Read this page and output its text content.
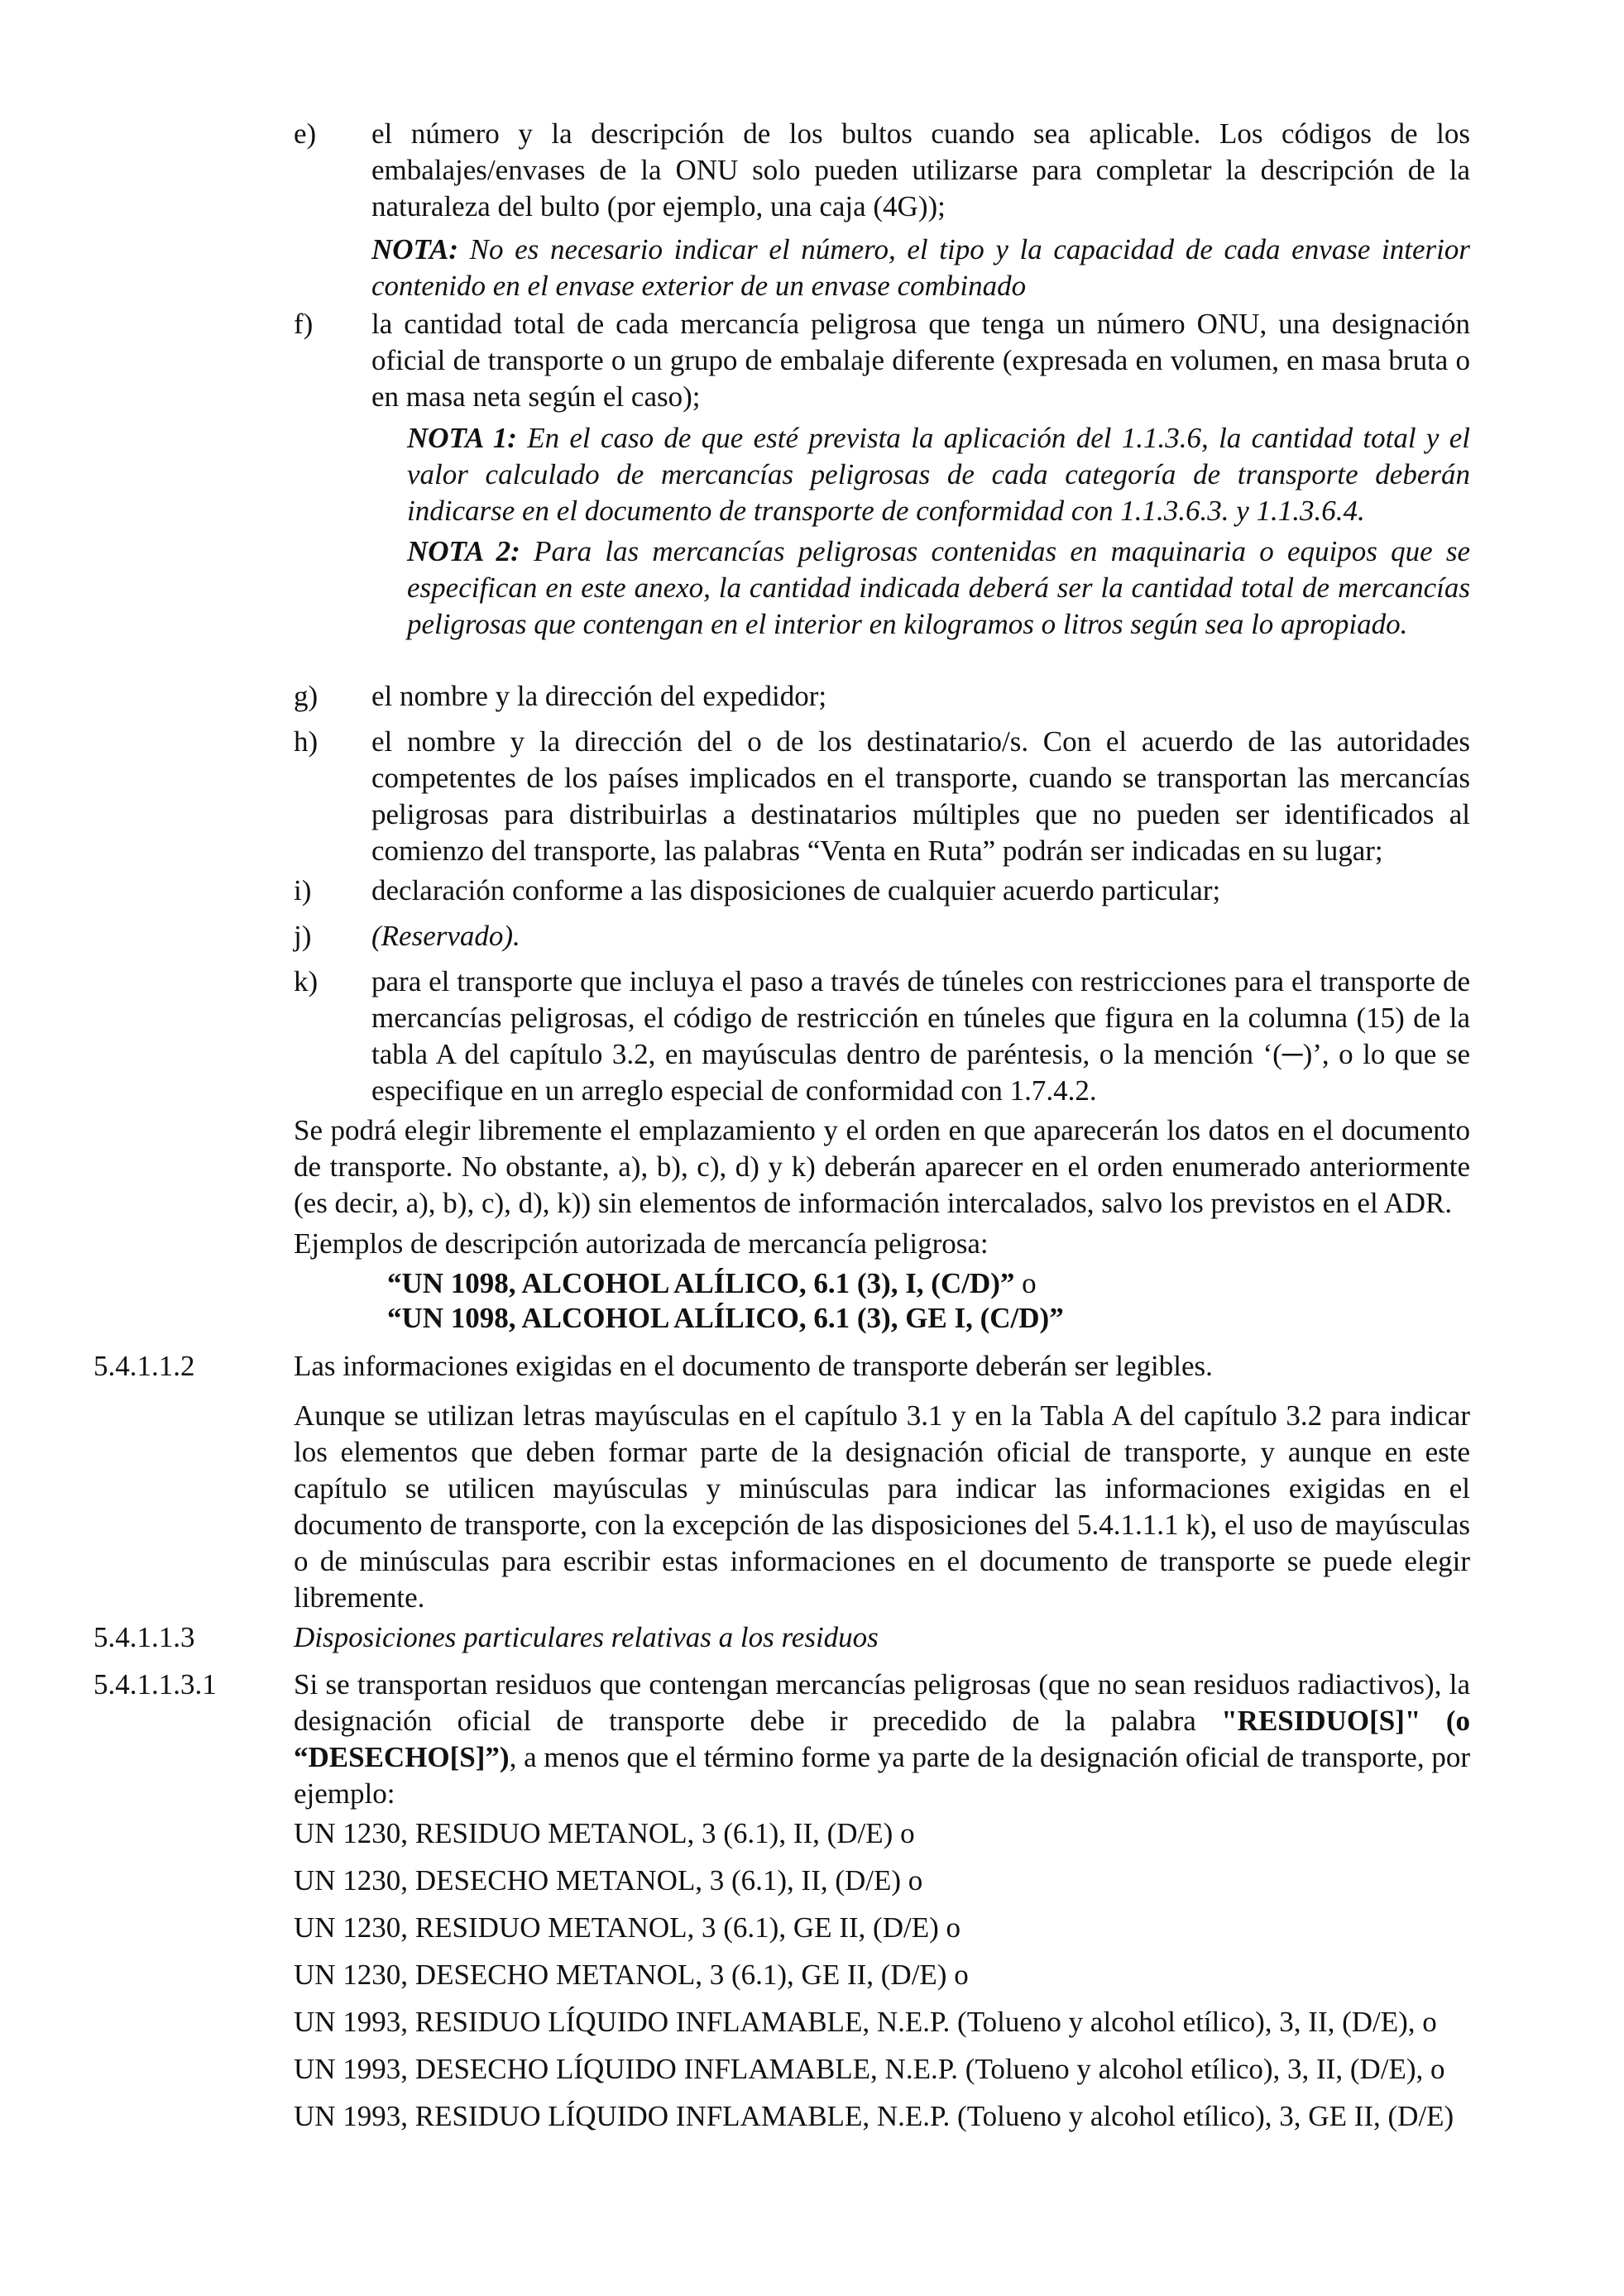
e) el número y la descripción de los bultos cuando sea aplicable. Los códigos de los embalajes/envases de la ONU solo pueden utilizarse para completar la descripción de la naturaleza del bulto (por ejemplo, una caja (4G));
NOTA: No es necesario indicar el número, el tipo y la capacidad de cada envase interior contenido en el envase exterior de un envase combinado
f) la cantidad total de cada mercancía peligrosa que tenga un número ONU, una designación oficial de transporte o un grupo de embalaje diferente (expresada en volumen, en masa bruta o en masa neta según el caso);
NOTA 1: En el caso de que esté prevista la aplicación del 1.1.3.6, la cantidad total y el valor calculado de mercancías peligrosas de cada categoría de transporte deberán indicarse en el documento de transporte de conformidad con 1.1.3.6.3. y 1.1.3.6.4.
NOTA 2: Para las mercancías peligrosas contenidas en maquinaria o equipos que se especifican en este anexo, la cantidad indicada deberá ser la cantidad total de mercancías peligrosas que contengan en el interior en kilogramos o litros según sea lo apropiado.
g) el nombre y la dirección del expedidor;
h) el nombre y la dirección del o de los destinatario/s. Con el acuerdo de las autoridades competentes de los países implicados en el transporte, cuando se transportan las mercancías peligrosas para distribuirlas a destinatarios múltiples que no pueden ser identificados al comienzo del transporte, las palabras “Venta en Ruta” podrán ser indicadas en su lugar;
i) declaración conforme a las disposiciones de cualquier acuerdo particular;
j) (Reservado).
k) para el transporte que incluya el paso a través de túneles con restricciones para el transporte de mercancías peligrosas, el código de restricción en túneles que figura en la columna (15) de la tabla A del capítulo 3.2, en mayúsculas dentro de paréntesis, o la mención ‘(─)’, o lo que se especifique en un arreglo especial de conformidad con 1.7.4.2.
Se podrá elegir libremente el emplazamiento y el orden en que aparecerán los datos en el documento de transporte. No obstante, a), b), c), d) y k) deberán aparecer en el orden enumerado anteriormente (es decir, a), b), c), d), k)) sin elementos de información intercalados, salvo los previstos en el ADR.
Ejemplos de descripción autorizada de mercancía peligrosa:
“UN 1098, ALCOHOL ALÍLICO, 6.1 (3), I, (C/D)” o
“UN 1098, ALCOHOL ALÍLICO, 6.1 (3), GE I, (C/D)”
5.4.1.1.2	Las informaciones exigidas en el documento de transporte deberán ser legibles.
Aunque se utilizan letras mayúsculas en el capítulo 3.1 y en la Tabla A del capítulo 3.2 para indicar los elementos que deben formar parte de la designación oficial de transporte, y aunque en este capítulo se utilicen mayúsculas y minúsculas para indicar las informaciones exigidas en el documento de transporte, con la excepción de las disposiciones del 5.4.1.1.1 k), el uso de mayúsculas o de minúsculas para escribir estas informaciones en el documento de transporte se puede elegir libremente.
5.4.1.1.3	Disposiciones particulares relativas a los residuos
5.4.1.1.3.1	Si se transportan residuos que contengan mercancías peligrosas (que no sean residuos radiactivos), la designación oficial de transporte debe ir precedido de la palabra "RESIDUO[S]" (o “DESECHO[S]”), a menos que el término forme ya parte de la designación oficial de transporte, por ejemplo:
UN 1230, RESIDUO METANOL, 3 (6.1), II, (D/E) o
UN 1230, DESECHO METANOL, 3 (6.1), II, (D/E) o
UN 1230, RESIDUO METANOL, 3 (6.1), GE II, (D/E) o
UN 1230, DESECHO METANOL, 3 (6.1), GE II, (D/E) o
UN 1993, RESIDUO LÍQUIDO INFLAMABLE, N.E.P. (Tolueno y alcohol etílico), 3, II, (D/E), o
UN 1993, DESECHO LÍQUIDO INFLAMABLE, N.E.P. (Tolueno y alcohol etílico), 3, II, (D/E), o
UN 1993, RESIDUO LÍQUIDO INFLAMABLE, N.E.P. (Tolueno y alcohol etílico), 3, GE II, (D/E)
